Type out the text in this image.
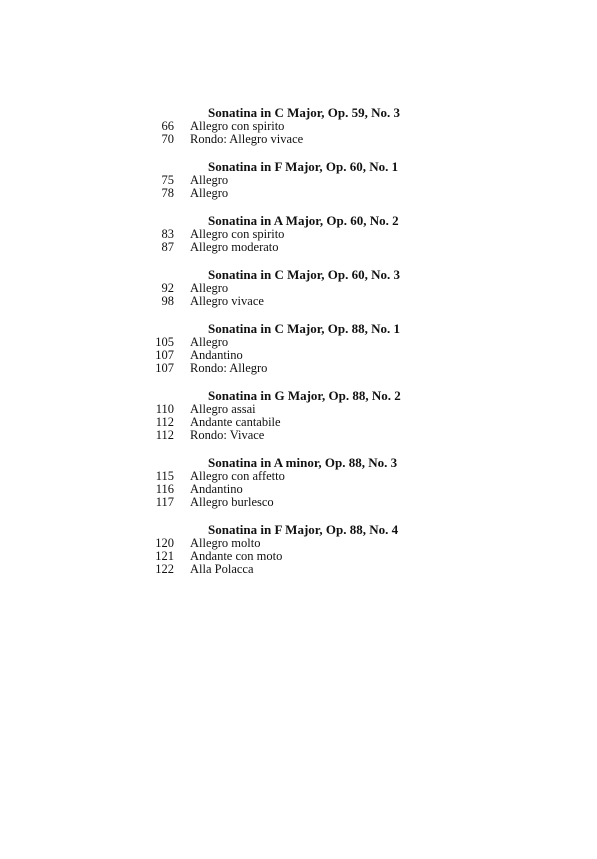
Sonatina in C Major, Op. 59, No. 3
66	Allegro con spirito
70	Rondo: Allegro vivace
Sonatina in F Major, Op. 60, No. 1
75	Allegro
78	Allegro
Sonatina in A Major, Op. 60, No. 2
83	Allegro con spirito
87	Allegro moderato
Sonatina in C Major, Op. 60, No. 3
92	Allegro
98	Allegro vivace
Sonatina in C Major, Op. 88, No. 1
105	Allegro
107	Andantino
107	Rondo: Allegro
Sonatina in G Major, Op. 88, No. 2
110	Allegro assai
112	Andante cantabile
112	Rondo: Vivace
Sonatina in A minor, Op. 88, No. 3
115	Allegro con affetto
116	Andantino
117	Allegro burlesco
Sonatina in F Major, Op. 88, No. 4
120	Allegro molto
121	Andante con moto
122	Alla Polacca
